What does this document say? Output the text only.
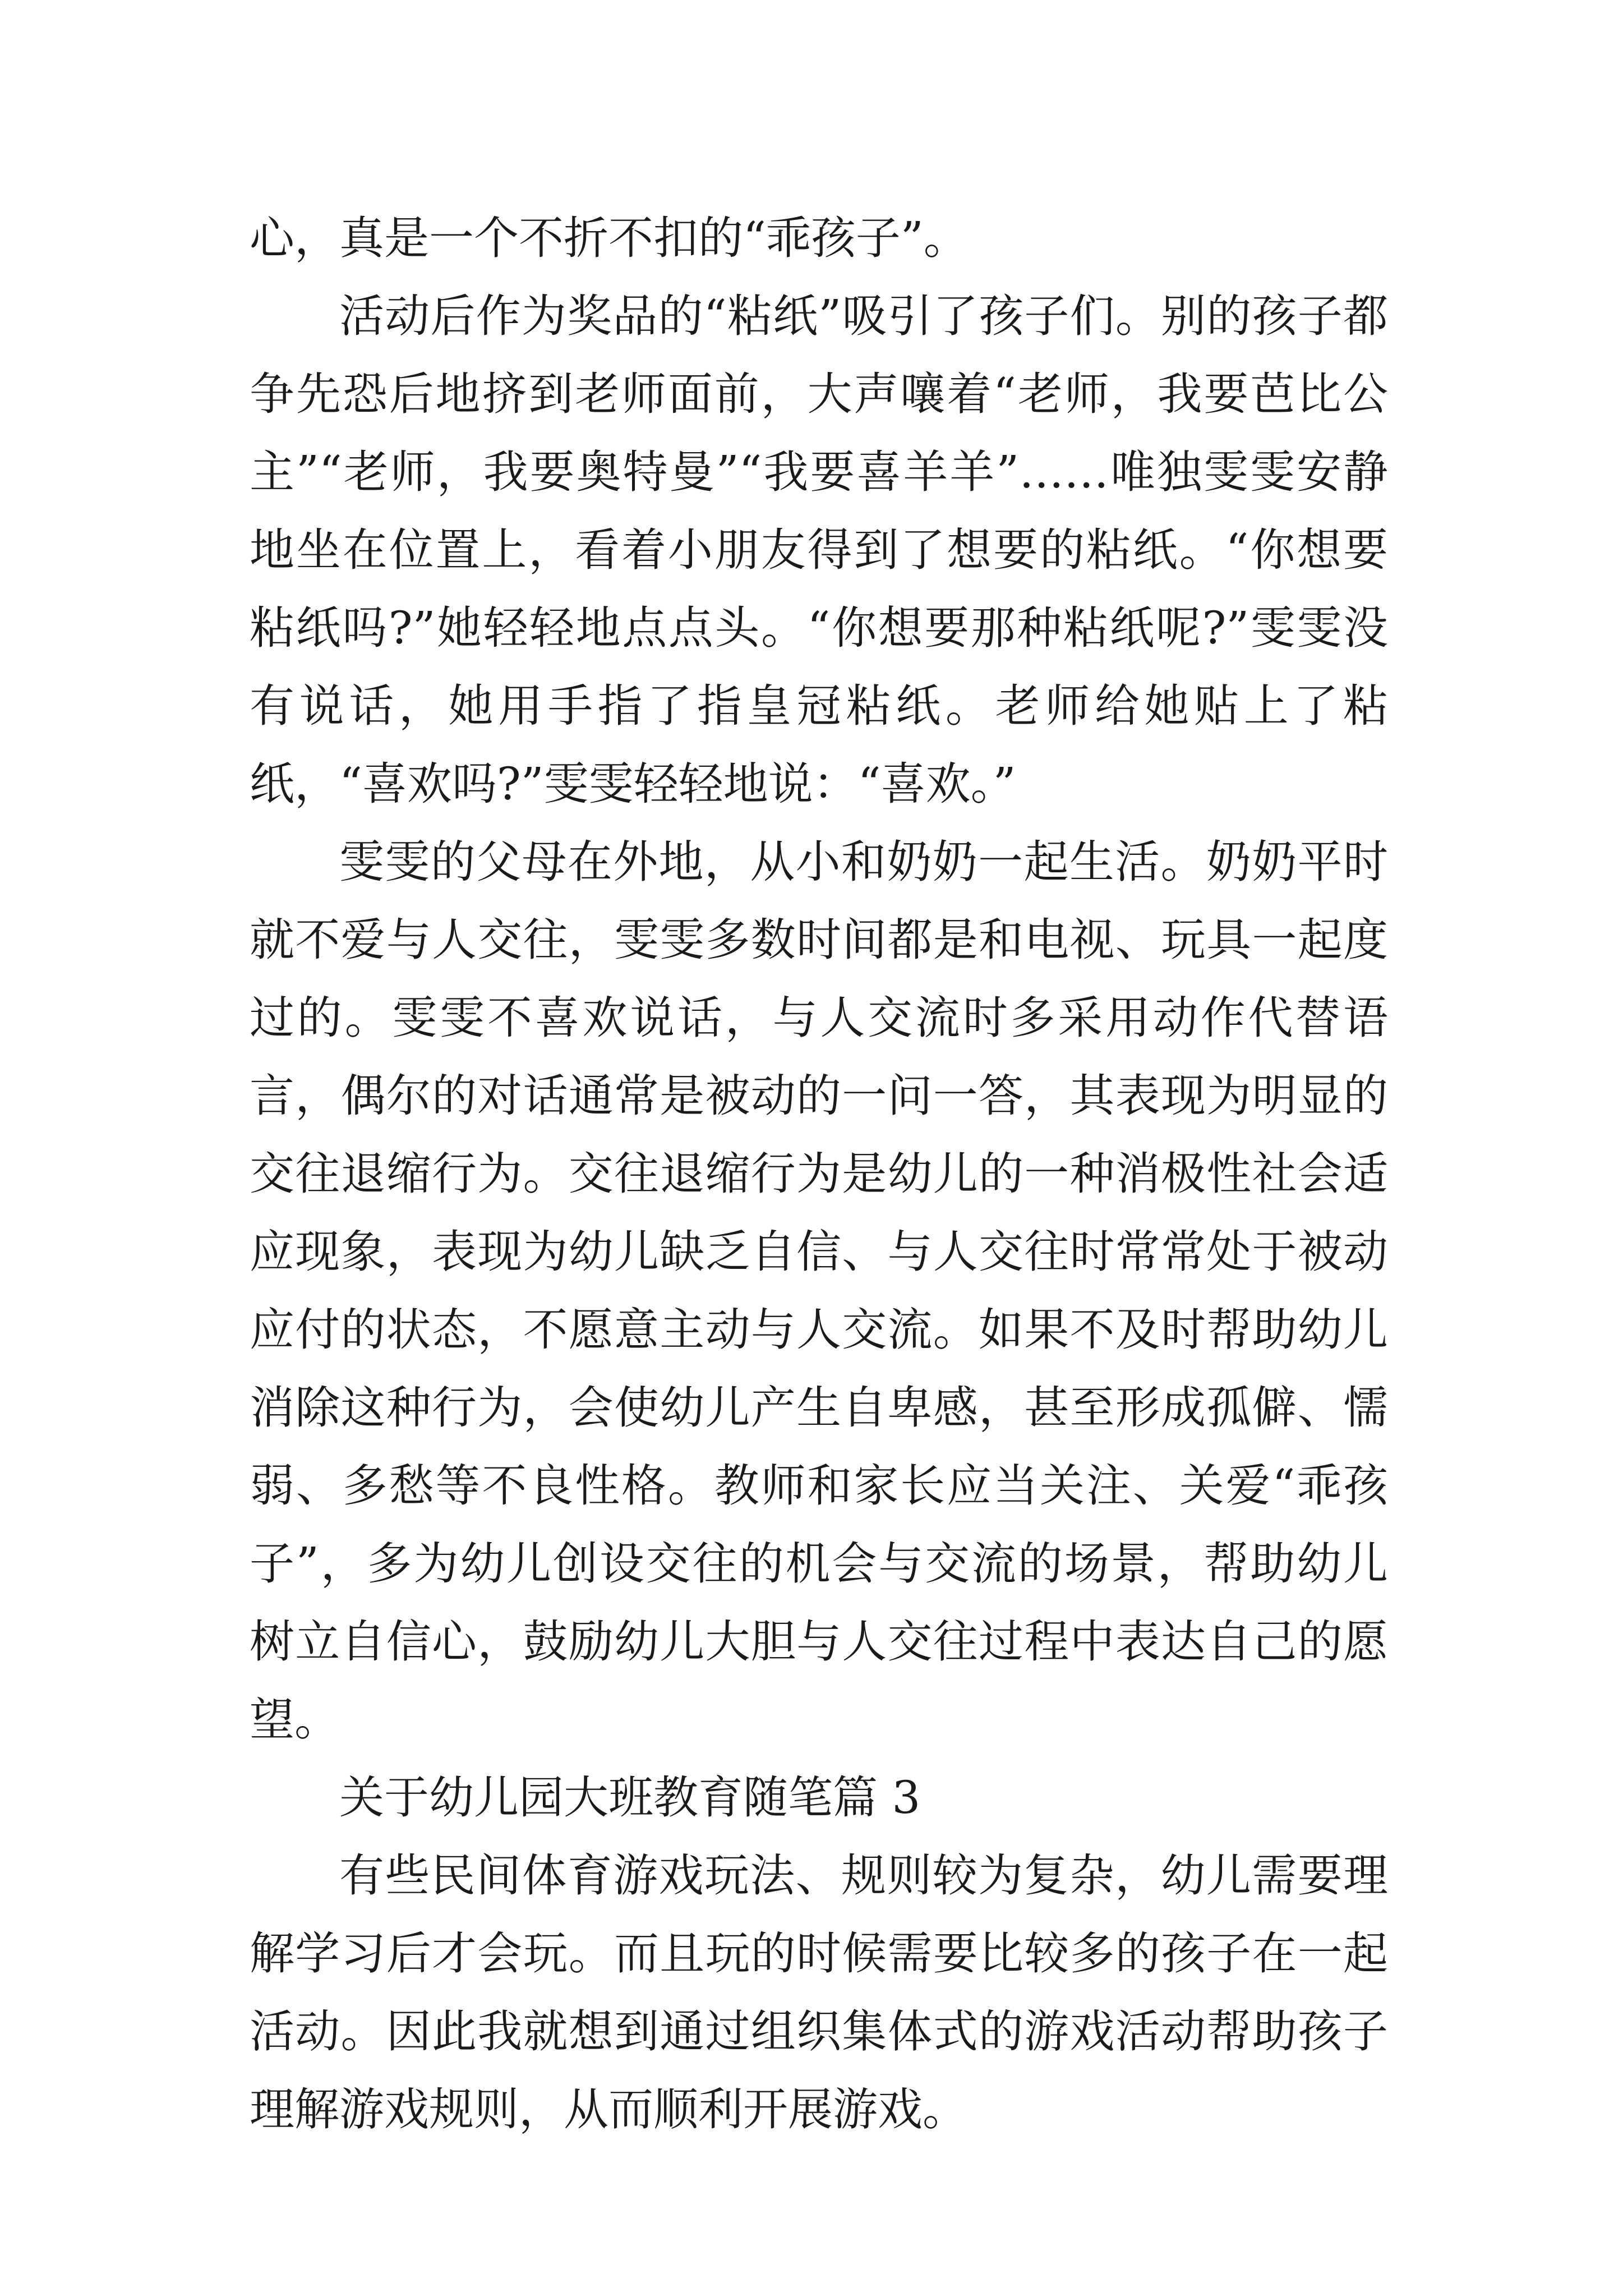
心，真是一个不折不扣的“乖孩子”。

活动后作为奖品的“粘纸”吸引了孩子们。别的孩子都争先恐后地挤到老师面前，大声嚷着“老师，我要芭比公主”“老师，我要奥特曼”“我要喜羊羊”……唯独雯雯安静地坐在位置上，看着小朋友得到了想要的粘纸。“你想要粘纸吗?”她轻轻地点点头。“你想要那种粘纸呢?”雯雯没有说话，她用手指了指皇冠粘纸。老师给她贴上了粘纸，“喜欢吗?”雯雯轻轻地说：“喜欢。”

雯雯的父母在外地，从小和奶奶一起生活。奶奶平时就不爱与人交往，雯雯多数时间都是和电视、玩具一起度过的。雯雯不喜欢说话，与人交流时多采用动作代替语言，偶尔的对话通常是被动的一问一答，其表现为明显的交往退缩行为。交往退缩行为是幼儿的一种消极性社会适应现象，表现为幼儿缺乏自信、与人交往时常常处于被动应付的状态，不愿意主动与人交流。如果不及时帮助幼儿消除这种行为，会使幼儿产生自卑感，甚至形成孤僻、懦弱、多愁等不良性格。教师和家长应当关注、关爱“乖孩子”，多为幼儿创设交往的机会与交流的场景，帮助幼儿树立自信心，鼓励幼儿大胆与人交往过程中表达自己的愿望。

关于幼儿园大班教育随笔篇 3

有些民间体育游戏玩法、规则较为复杂，幼儿需要理解学习后才会玩。而且玩的时候需要比较多的孩子在一起活动。因此我就想到通过组织集体式的游戏活动帮助孩子理解游戏规则，从而顺利开展游戏。
